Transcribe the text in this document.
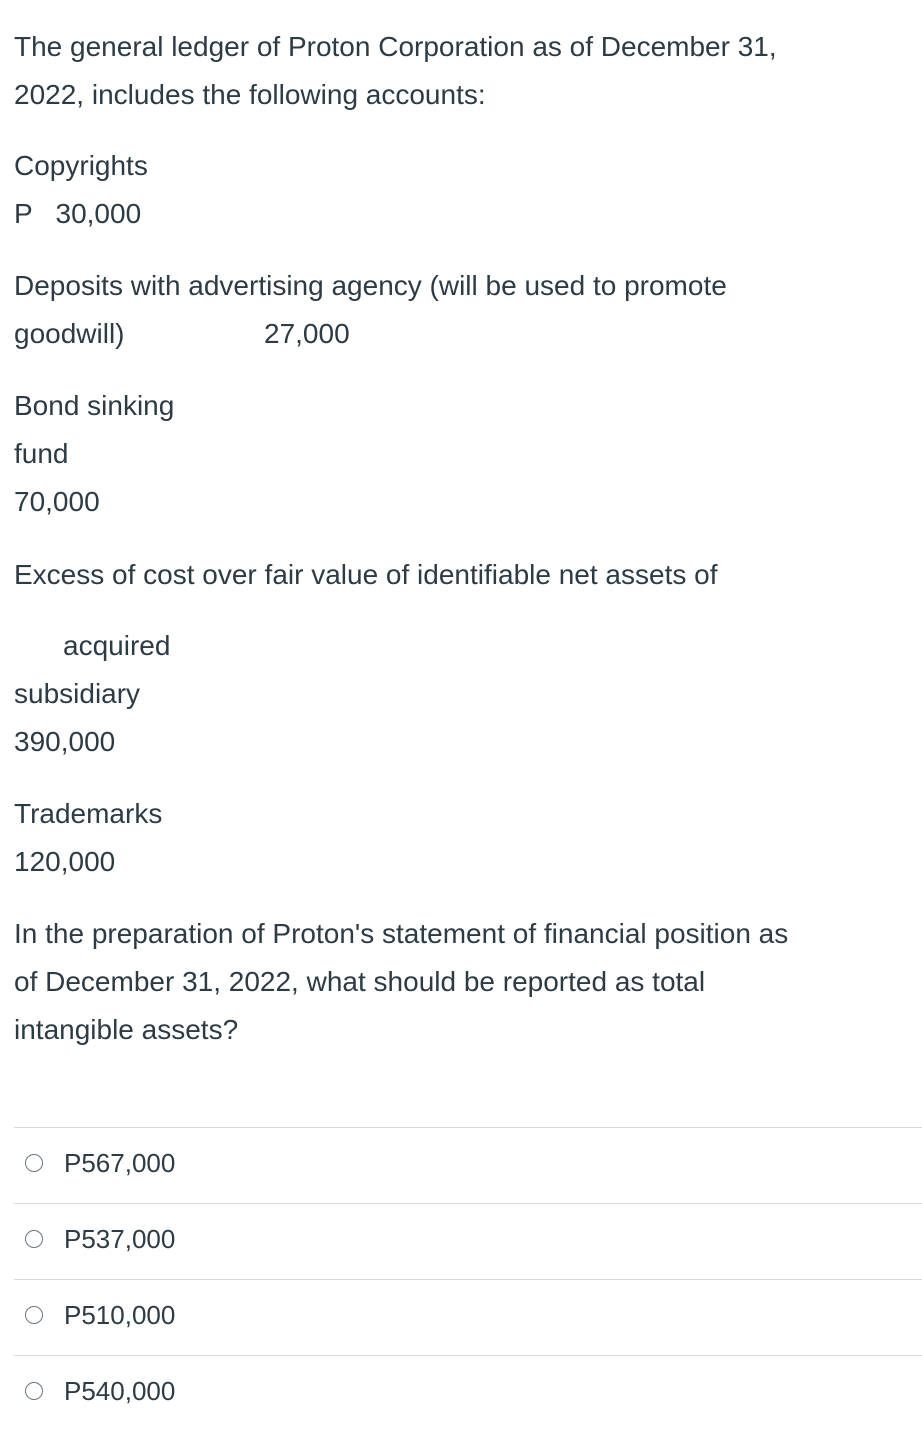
The general ledger of Proton Corporation as of December 31,

2022, includes the following accounts:

Copyrights

P   30,000

Deposits with advertising agency (will be used to promote

goodwill)	27,000

Bond sinking

fund

70,000

Excess of cost over fair value of identifiable net assets of

acquired

subsidiary

390,000

Trademarks

120,000

In the preparation of Proton's statement of financial position as

of December 31, 2022, what should be reported as total

intangible assets?

P567,000
P537,000
P510,000
P540,000
